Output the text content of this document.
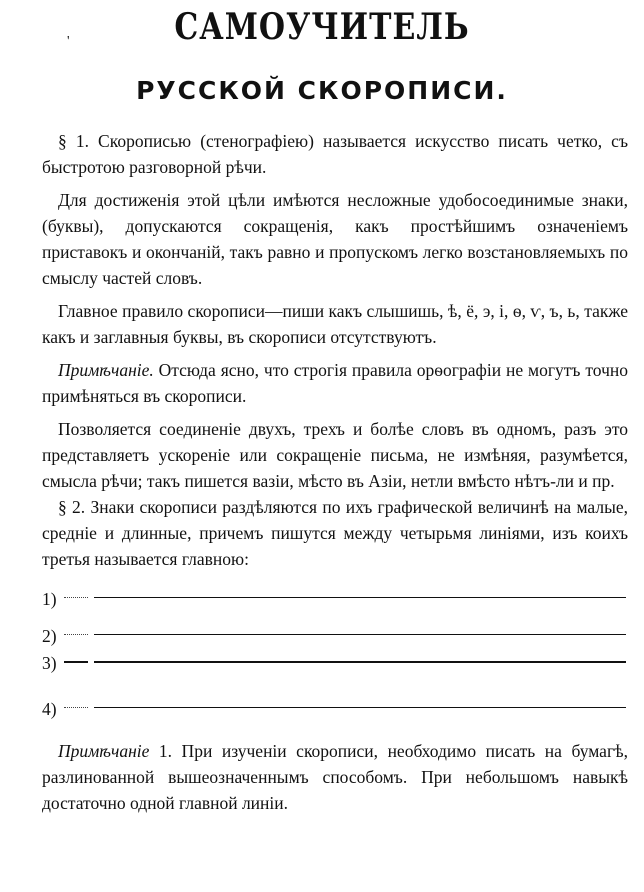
'	САМОУЧИТЕЛЬ
РУССКОЙ СКОРОПИСИ.

§ 1. Скорописью (стенографіею) называется искусство писать четко, съ быстротою разговорной рѣчи.

Для достиженія этой цѣли имѣются несложные удобосоединимые знаки, (буквы), допускаются сокращенія, какъ простѣйшимъ означеніемъ приставокъ и окончаній, такъ равно и пропускомъ легко возстановляемыхъ по смыслу частей словъ.

Главное правило скорописи—пиши какъ слышишь, ѣ, ё, э, і, ѳ, ѵ, ъ, ь, также какъ и заглавныя буквы, въ скорописи отсутствуютъ.

Примѣчаніе. Отсюда ясно, что строгія правила орѳографіи не могутъ точно примѣняться въ скорописи.

Позволяется соединеніе двухъ, трехъ и болѣе словъ въ одномъ, разъ это представляетъ ускореніе или сокращеніе письма, не измѣняя, разумѣется, смысла рѣчи; такъ пишется вазіи, мѣсто въ Азіи, нетли вмѣсто нѣтъ-ли и пр.

§ 2. Знаки скорописи раздѣляются по ихъ графической величинѣ на малые, средніе и длинные, причемъ пишутся между четырьмя линіями, изъ коихъ третья называется главною:

1)
2)
3)
4)

Примѣчаніе 1. При изученіи скорописи, необходимо писать на бумагѣ, разлинованной вышеозначеннымъ способомъ. При небольшомъ навыкѣ достаточно одной главной линіи.
